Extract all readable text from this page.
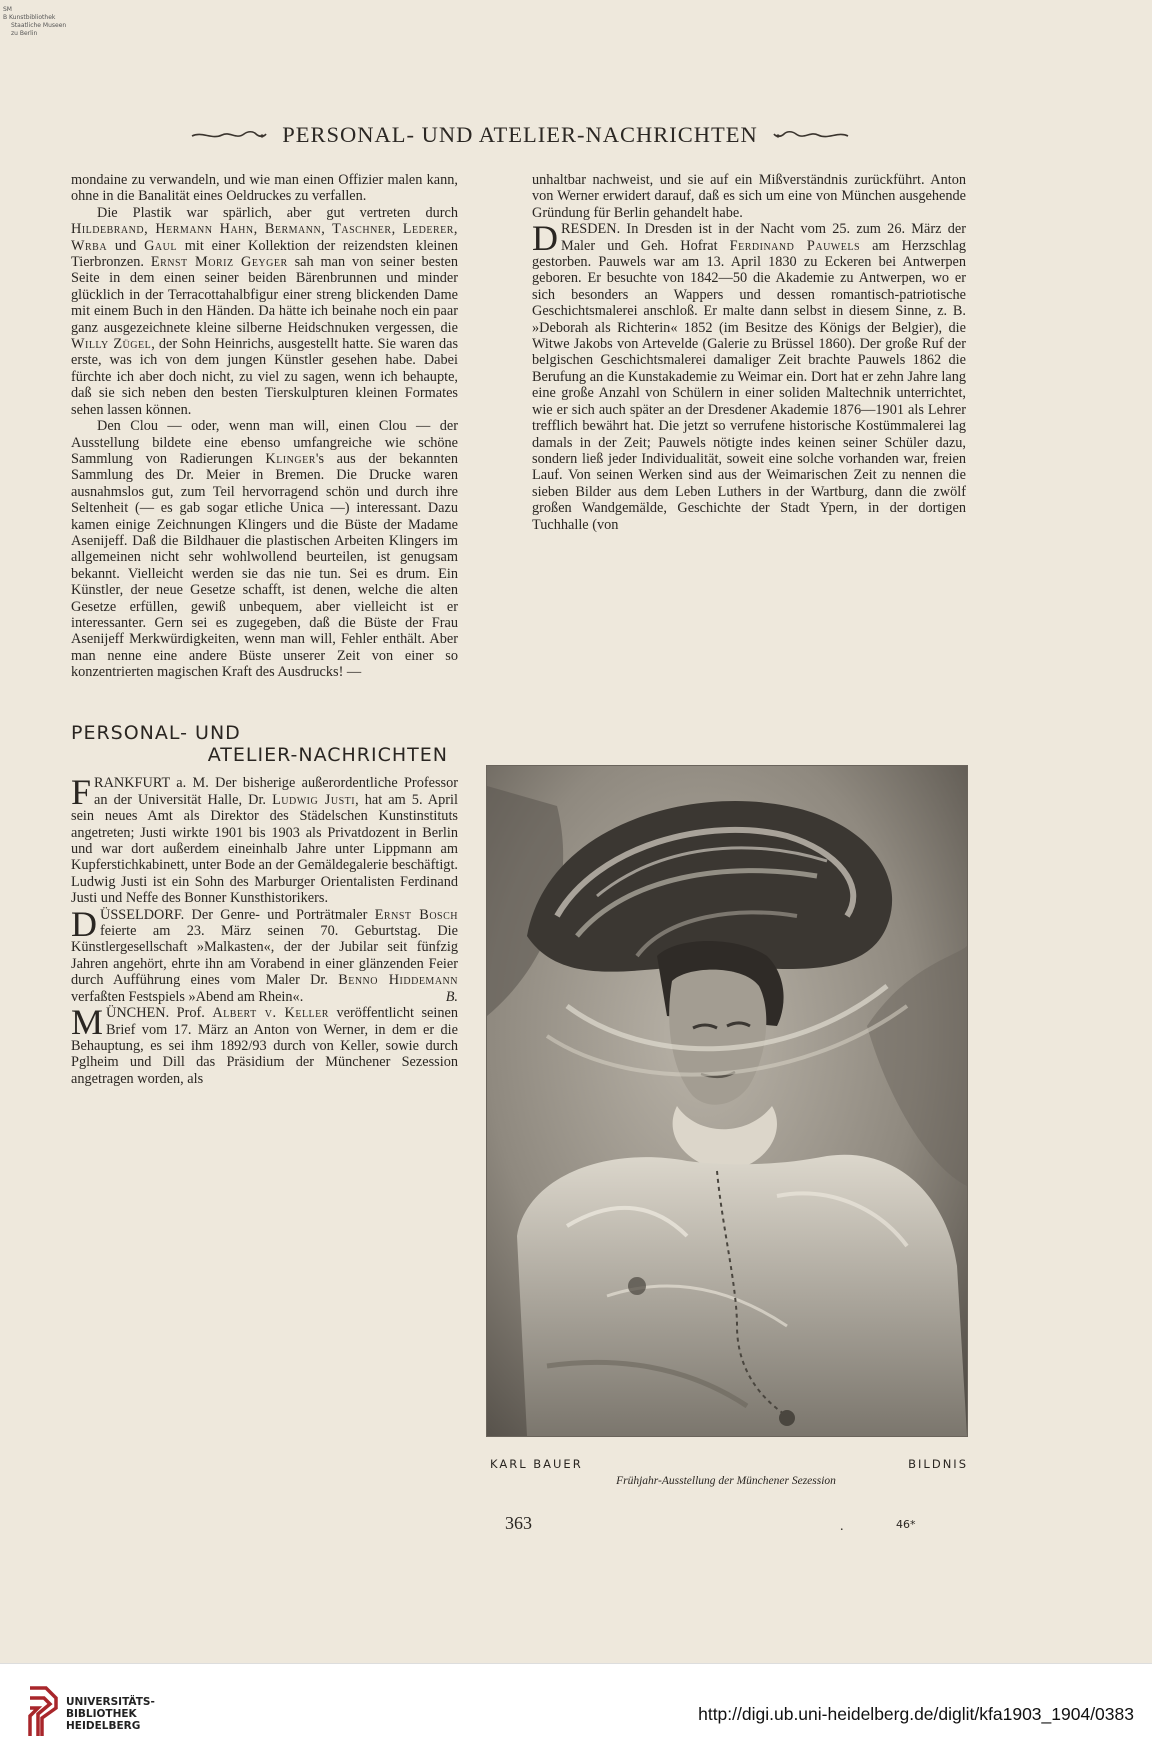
SM
B Kunstbibliothek
Staatliche Museen
zu Berlin
PERSONAL- UND ATELIER-NACHRICHTEN

mondaine zu verwandeln, und wie man einen Offizier malen kann, ohne in die Banalität eines Oeldruckes zu verfallen.

Die Plastik war spärlich, aber gut vertreten durch Hildebrand, Hermann Hahn, Bermann, Taschner, Lederer, Wrba und Gaul mit einer Kollektion der reizendsten kleinen Tierbronzen. Ernst Moriz Geyger sah man von seiner besten Seite in dem einen seiner beiden Bärenbrunnen und minder glücklich in der Terracottahalbfigur einer streng blickenden Dame mit einem Buch in den Händen. Da hätte ich beinahe noch ein paar ganz ausgezeichnete kleine silberne Heidschnuken vergessen, die Willy Zügel, der Sohn Heinrichs, ausgestellt hatte. Sie waren das erste, was ich von dem jungen Künstler gesehen habe. Dabei fürchte ich aber doch nicht, zu viel zu sagen, wenn ich behaupte, daß sie sich neben den besten Tierskulpturen kleinen Formates sehen lassen können.

Den Clou — oder, wenn man will, einen Clou — der Ausstellung bildete eine ebenso umfangreiche wie schöne Sammlung von Radierungen Klinger's aus der bekannten Sammlung des Dr. Meier in Bremen. Die Drucke waren ausnahmslos gut, zum Teil hervorragend schön und durch ihre Seltenheit (— es gab sogar etliche Unica —) interessant. Dazu kamen einige Zeichnungen Klingers und die Büste der Madame Asenijeff. Daß die Bildhauer die plastischen Arbeiten Klingers im allgemeinen nicht sehr wohlwollend beurteilen, ist genugsam bekannt. Vielleicht werden sie das nie tun. Sei es drum. Ein Künstler, der neue Gesetze schafft, ist denen, welche die alten Gesetze erfüllen, gewiß unbequem, aber vielleicht ist er interessanter. Gern sei es zugegeben, daß die Büste der Frau Asenijeff Merkwürdigkeiten, wenn man will, Fehler enthält. Aber man nenne eine andere Büste unserer Zeit von einer so konzentrierten magischen Kraft des Ausdrucks! —

PERSONAL- UND
ATELIER-NACHRICHTEN

FRANKFURT a. M. Der bisherige außerordentliche Professor an der Universität Halle, Dr. Ludwig Justi, hat am 5. April sein neues Amt als Direktor des Städelschen Kunstinstituts angetreten; Justi wirkte 1901 bis 1903 als Privatdozent in Berlin und war dort außerdem eineinhalb Jahre unter Lippmann am Kupferstichkabinett, unter Bode an der Gemäldegalerie beschäftigt. Ludwig Justi ist ein Sohn des Marburger Orientalisten Ferdinand Justi und Neffe des Bonner Kunsthistorikers.

DÜSSELDORF. Der Genre- und Porträtmaler Ernst Bosch feierte am 23. März seinen 70. Geburtstag. Die Künstlergesellschaft »Malkasten«, der der Jubilar seit fünfzig Jahren angehört, ehrte ihn am Vorabend in einer glänzenden Feier durch Aufführung eines vom Maler Dr. Benno Hiddemann verfaßten Festspiels »Abend am Rhein«.	B.

MÜNCHEN. Prof. Albert v. Keller veröffentlicht seinen Brief vom 17. März an Anton von Werner, in dem er die Behauptung, es sei ihm 1892/93 durch von Keller, sowie durch Pglheim und Dill das Präsidium der Münchener Sezession angetragen worden, als

unhaltbar nachweist, und sie auf ein Mißverständnis zurückführt. Anton von Werner erwidert darauf, daß es sich um eine von München ausgehende Gründung für Berlin gehandelt habe.

DRESDEN. In Dresden ist in der Nacht vom 25. zum 26. März der Maler und Geh. Hofrat Ferdinand Pauwels am Herzschlag gestorben. Pauwels war am 13. April 1830 zu Eckeren bei Antwerpen geboren. Er besuchte von 1842—50 die Akademie zu Antwerpen, wo er sich besonders an Wappers und dessen romantisch-patriotische Geschichtsmalerei anschloß. Er malte dann selbst in diesem Sinne, z. B. »Deborah als Richterin« 1852 (im Besitze des Königs der Belgier), die Witwe Jakobs von Artevelde (Galerie zu Brüssel 1860). Der große Ruf der belgischen Geschichtsmalerei damaliger Zeit brachte Pauwels 1862 die Berufung an die Kunstakademie zu Weimar ein. Dort hat er zehn Jahre lang eine große Anzahl von Schülern in einer soliden Maltechnik unterrichtet, wie er sich auch später an der Dresdener Akademie 1876—1901 als Lehrer trefflich bewährt hat. Die jetzt so verrufene historische Kostümmalerei lag damals in der Zeit; Pauwels nötigte indes keinen seiner Schüler dazu, sondern ließ jeder Individualität, soweit eine solche vorhanden war, freien Lauf. Von seinen Werken sind aus der Weimarischen Zeit zu nennen die sieben Bilder aus dem Leben Luthers in der Wartburg, dann die zwölf großen Wandgemälde, Geschichte der Stadt Ypern, in der dortigen Tuchhalle (von

KARL BAUER	BILDNIS
Frühjahr-Ausstellung der Münchener Sezession
363	.	46*
UNIVERSITÄTS-
BIBLIOTHEK
HEIDELBERG
http://digi.ub.uni-heidelberg.de/diglit/kfa1903_1904/0383
